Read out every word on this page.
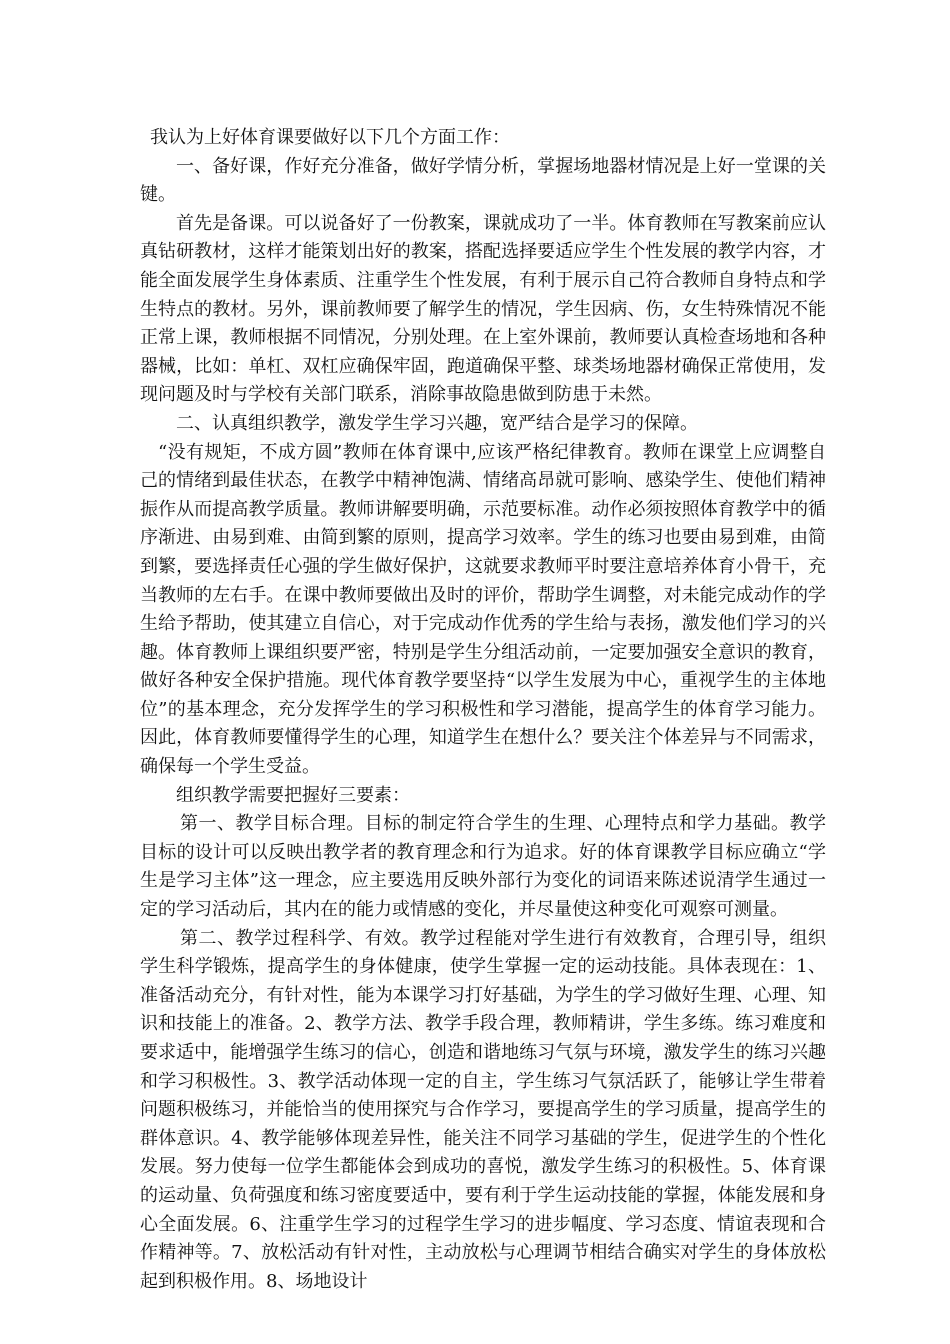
我认为上好体育课要做好以下几个方面工作：

一、备好课，作好充分准备，做好学情分析，掌握场地器材情况是上好一堂课的关键。

首先是备课。可以说备好了一份教案，课就成功了一半。体育教师在写教案前应认真钻研教材，这样才能策划出好的教案，搭配选择要适应学生个性发展的教学内容，才能全面发展学生身体素质、注重学生个性发展，有利于展示自己符合教师自身特点和学生特点的教材。另外，课前教师要了解学生的情况，学生因病、伤，女生特殊情况不能正常上课，教师根据不同情况，分别处理。在上室外课前，教师要认真检查场地和各种器械，比如：单杠、双杠应确保牢固，跑道确保平整、球类场地器材确保正常使用，发现问题及时与学校有关部门联系，消除事故隐患做到防患于未然。

二、认真组织教学，激发学生学习兴趣，宽严结合是学习的保障。

“没有规矩，不成方圆”教师在体育课中,应该严格纪律教育。教师在课堂上应调整自己的情绪到最佳状态，在教学中精神饱满、情绪高昂就可影响、感染学生、使他们精神振作从而提高教学质量。教师讲解要明确，示范要标准。动作必须按照体育教学中的循序渐进、由易到难、由简到繁的原则，提高学习效率。学生的练习也要由易到难，由简到繁，要选择责任心强的学生做好保护，这就要求教师平时要注意培养体育小骨干，充当教师的左右手。在课中教师要做出及时的评价，帮助学生调整，对未能完成动作的学生给予帮助，使其建立自信心，对于完成动作优秀的学生给与表扬，激发他们学习的兴趣。体育教师上课组织要严密，特别是学生分组活动前，一定要加强安全意识的教育，做好各种安全保护措施。现代体育教学要坚持“以学生发展为中心，重视学生的主体地位”的基本理念，充分发挥学生的学习积极性和学习潜能，提高学生的体育学习能力。因此，体育教师要懂得学生的心理，知道学生在想什么？要关注个体差异与不同需求，确保每一个学生受益。

组织教学需要把握好三要素：

第一、教学目标合理。目标的制定符合学生的生理、心理特点和学力基础。教学目标的设计可以反映出教学者的教育理念和行为追求。好的体育课教学目标应确立“学生是学习主体”这一理念，应主要选用反映外部行为变化的词语来陈述说清学生通过一定的学习活动后，其内在的能力或情感的变化，并尽量使这种变化可观察可测量。

第二、教学过程科学、有效。教学过程能对学生进行有效教育，合理引导，组织学生科学锻炼，提高学生的身体健康，使学生掌握一定的运动技能。具体表现在：1、准备活动充分，有针对性，能为本课学习打好基础，为学生的学习做好生理、心理、知识和技能上的准备。2、教学方法、教学手段合理，教师精讲，学生多练。练习难度和要求适中，能增强学生练习的信心，创造和谐地练习气氛与环境，激发学生的练习兴趣和学习积极性。3、教学活动体现一定的自主，学生练习气氛活跃了，能够让学生带着问题积极练习，并能恰当的使用探究与合作学习，要提高学生的学习质量，提高学生的群体意识。4、教学能够体现差异性，能关注不同学习基础的学生，促进学生的个性化发展。努力使每一位学生都能体会到成功的喜悦，激发学生练习的积极性。5、体育课的运动量、负荷强度和练习密度要适中，要有利于学生运动技能的掌握，体能发展和身心全面发展。6、注重学生学习的过程学生学习的进步幅度、学习态度、情谊表现和合作精神等。7、放松活动有针对性，主动放松与心理调节相结合确实对学生的身体放松起到积极作用。8、场地设计
